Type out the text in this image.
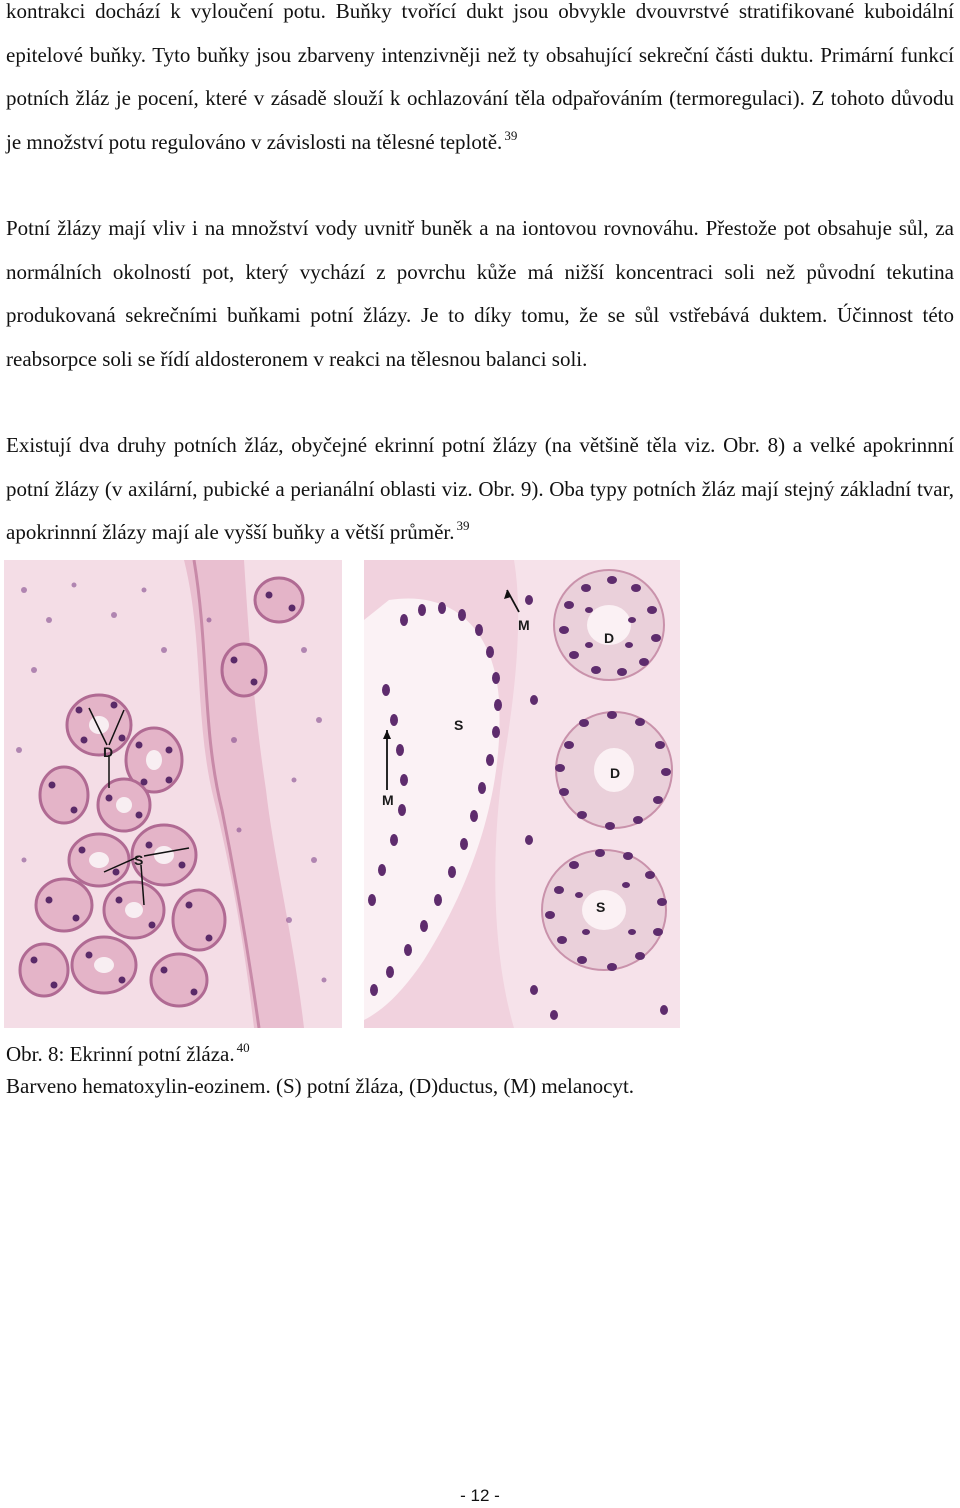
kontrakci dochází k vyloučení potu. Buňky tvořící dukt jsou obvykle dvouvrstvé stratifikované kuboidální epitelové buňky. Tyto buňky jsou zbarveny intenzivněji než ty obsahující sekreční části duktu. Primární funkcí potních žláz je pocení, které v zásadě slouží k ochlazování těla odpařováním (termoregulaci). Z tohoto důvodu je množství potu regulováno v závislosti na tělesné teplotě. $^{39}$

Potní žlázy mají vliv i na množství vody uvnitř buněk a na iontovou rovnováhu. Přestože pot obsahuje sůl, za normálních okolností pot, který vychází z povrchu kůže má nižší koncentraci soli než původní tekutina produkovaná sekrečními buňkami potní žlázy. Je to díky tomu, že se sůl vstřebává duktem. Účinnost této reabsorpce soli se řídí aldosteronem v reakci na tělesnou balanci soli.

Existují dva druhy potních žláz, obyčejné ekrinní potní žlázy (na většině těla viz. Obr. 8) a velké apokrinnní potní žlázy (v axilární, pubické a perianální oblasti viz. Obr. 9). Oba typy potních žláz mají stejný základní tvar, apokrinnní žlázy mají ale vyšší buňky a větší průměr. $^{39}$

D
S
M
M
S
D
D
S

Obr. 8: Ekrinní potní žláza. $^{40}$

Barveno hematoxylin-eozinem. (S) potní žláza, (D)ductus, (M) melanocyt.

- 12 -
